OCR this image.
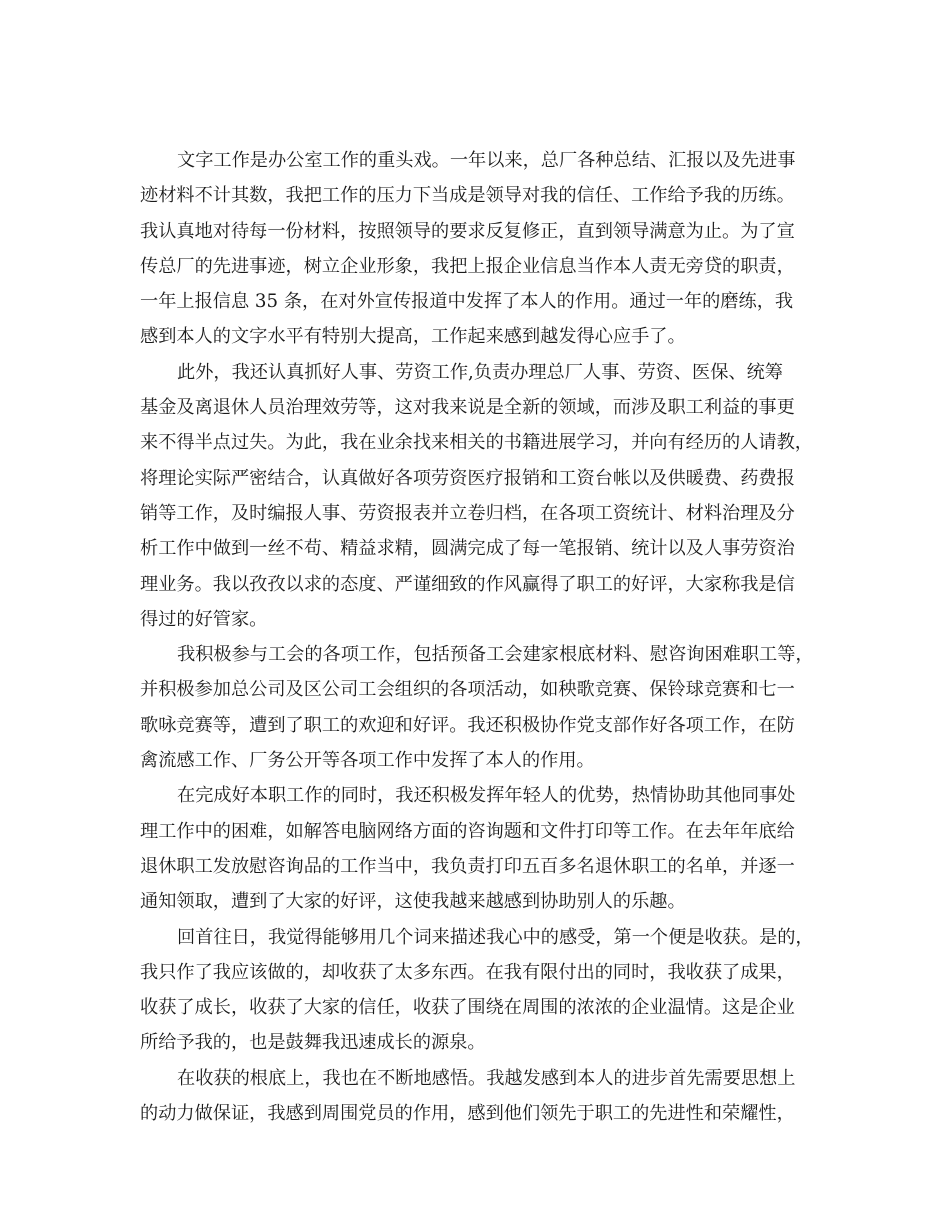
文字工作是办公室工作的重头戏。一年以来，总厂各种总结、汇报以及先进事
迹材料不计其数，我把工作的压力下当成是领导对我的信任、工作给予我的历练。
我认真地对待每一份材料，按照领导的要求反复修正，直到领导满意为止。为了宣
传总厂的先进事迹，树立企业形象，我把上报企业信息当作本人责无旁贷的职责，
一年上报信息 35 条，在对外宣传报道中发挥了本人的作用。通过一年的磨练，我
感到本人的文字水平有特别大提高，工作起来感到越发得心应手了。
此外，我还认真抓好人事、劳资工作,负责办理总厂人事、劳资、医保、统筹
基金及离退休人员治理效劳等，这对我来说是全新的领域，而涉及职工利益的事更
来不得半点过失。为此，我在业余找来相关的书籍进展学习，并向有经历的人请教，
将理论实际严密结合，认真做好各项劳资医疗报销和工资台帐以及供暖费、药费报
销等工作，及时编报人事、劳资报表并立卷归档，在各项工资统计、材料治理及分
析工作中做到一丝不苟、精益求精，圆满完成了每一笔报销、统计以及人事劳资治
理业务。我以孜孜以求的态度、严谨细致的作风赢得了职工的好评，大家称我是信
得过的好管家。
我积极参与工会的各项工作，包括预备工会建家根底材料、慰咨询困难职工等，
并积极参加总公司及区公司工会组织的各项活动，如秧歌竞赛、保铃球竞赛和七一
歌咏竞赛等，遭到了职工的欢迎和好评。我还积极协作党支部作好各项工作，在防
禽流感工作、厂务公开等各项工作中发挥了本人的作用。
在完成好本职工作的同时，我还积极发挥年轻人的优势，热情协助其他同事处
理工作中的困难，如解答电脑网络方面的咨询题和文件打印等工作。在去年年底给
退休职工发放慰咨询品的工作当中，我负责打印五百多名退休职工的名单，并逐一
通知领取，遭到了大家的好评，这使我越来越感到协助别人的乐趣。
回首往日，我觉得能够用几个词来描述我心中的感受，第一个便是收获。是的，
我只作了我应该做的，却收获了太多东西。在我有限付出的同时，我收获了成果，
收获了成长，收获了大家的信任，收获了围绕在周围的浓浓的企业温情。这是企业
所给予我的，也是鼓舞我迅速成长的源泉。
在收获的根底上，我也在不断地感悟。我越发感到本人的进步首先需要思想上
的动力做保证，我感到周围党员的作用，感到他们领先于职工的先进性和荣耀性，
